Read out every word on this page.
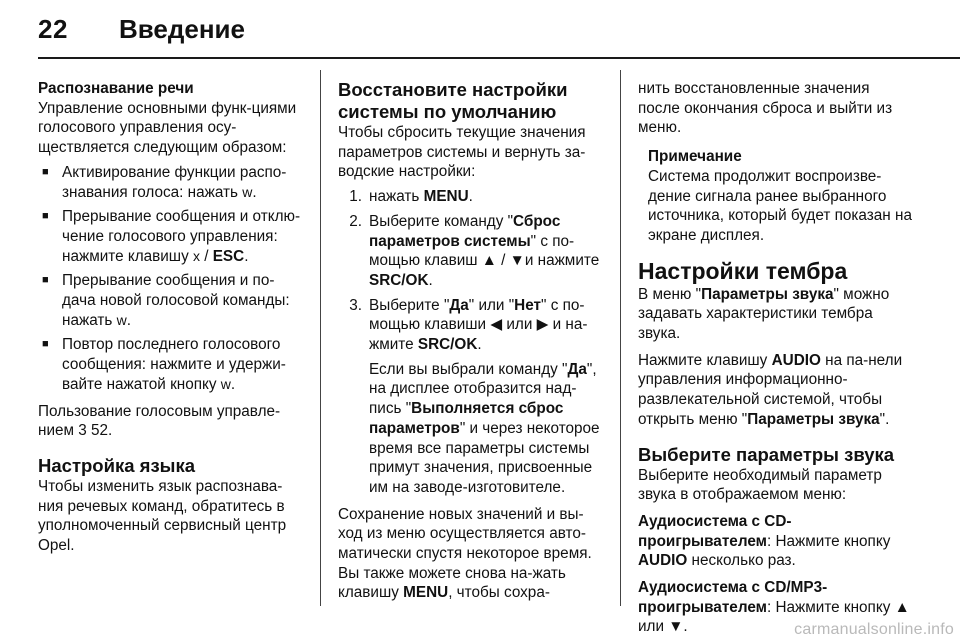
22 Введение
Распознавание речи
Управление основными функ-циями голосового управления осу-ществляется следующим образом:
■ Активирование функции распо-знавания голоса: нажать w.
■ Прерывание сообщения и отклю-чение голосового управления: нажмите клавишу x / ESC.
■ Прерывание сообщения и по-дача новой голосовой команды: нажать w.
■ Повтор последнего голосового сообщения: нажмите и удержи-вайте нажатой кнопку w.
Пользование голосовым управле-нием 3 52.
Настройка языка
Чтобы изменить язык распознава-ния речевых команд, обратитесь в уполномоченный сервисный центр Opel.
Восстановите настройки системы по умолчанию
Чтобы сбросить текущие значения параметров системы и вернуть за-водские настройки:
1. нажать MENU.
2. Выберите команду "Сброс параметров системы" с по-мощью клавиш ▲ / ▼и нажмите SRC/OK.
3. Выберите "Да" или "Нет" с по-мощью клавиши ◀ или ▶ и на-жмите SRC/OK.
Если вы выбрали команду "Да", на дисплее отобразится над-пись "Выполняется сброс параметров" и через некоторое время все параметры системы примут значения, присвоенные им на заводе-изготовителе.
Сохранение новых значений и вы-ход из меню осуществляется авто-матически спустя некоторое время. Вы также можете снова на-жать клавишу MENU, чтобы сохра-
нить восстановленные значения после окончания сброса и выйти из меню.
Примечание
Система продолжит воспроизве-дение сигнала ранее выбранного источника, который будет показан на экране дисплея.
Настройки тембра
В меню "Параметры звука" можно задавать характеристики тембра звука.
Нажмите клавишу AUDIO на па-нели управления информационно-развлекательной системой, чтобы открыть меню "Параметры звука".
Выберите параметры звука
Выберите необходимый параметр звука в отображаемом меню:
Аудиосистема с CD-проигрывателем: Нажмите кнопку AUDIO несколько раз.
Аудиосистема с CD/MP3-проигрывателем: Нажмите кнопку ▲ или ▼.	carmanualsonline.info
